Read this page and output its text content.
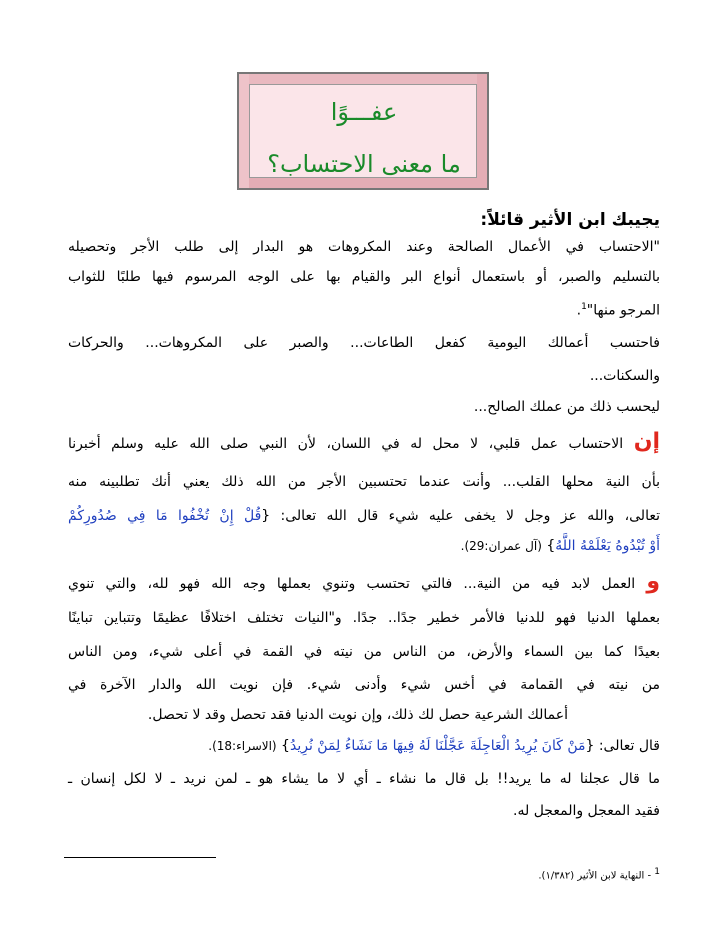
عفـــوًا
ما معنى الاحتساب؟
يجيبك ابن الأثير قائلاً:
"الاحتساب في الأعمال الصالحة وعند المكروهات هو البدار إلى طلب الأجر وتحصيله
بالتسليم والصبر، أو باستعمال أنواع البر والقيام بها على الوجه المرسوم فيها طلبًا للثواب
المرجو منها"$^1$.
فاحتسب أعمالك اليومية كفعل الطاعات... والصبر على المكروهات... والحركات
والسكنات...
ليحسب ذلك من عملك الصالح...
إن الاحتساب عمل قلبي، لا محل له في اللسان، لأن النبي صلى الله عليه وسلم أخبرنا
بأن النية محلها القلب... وأنت عندما تحتسبين الأجر من الله ذلك يعني أنك تطلبينه منه
تعالى، والله عز وجل لا يخفى عليه شيء قال الله تعالى: {قُلْ إِنْ تُخْفُوا مَا فِي صُدُورِكُمْ
أَوْ تُبْدُوهُ يَعْلَمْهُ اللَّهُ} (آل عمران:29).
و العمل لابد فيه من النية... فالتي تحتسب وتنوي بعملها وجه الله فهو لله، والتي تنوي
بعملها الدنيا فهو للدنيا فالأمر خطير جدًا.. جدًا. و"النيات تختلف اختلافًا عظيمًا وتتباين تباينًا
بعيدًا كما بين السماء والأرض، من الناس من نيته في القمة في أعلى شيء، ومن الناس
من نيته في القمامة في أخس شيء وأدنى شيء. فإن نويت الله والدار الآخرة في
أعمالك الشرعية حصل لك ذلك، وإن نويت الدنيا فقد تحصل وقد لا تحصل.
قال تعالى: {مَنْ كَانَ يُرِيدُ الْعَاجِلَةَ عَجَّلْنَا لَهُ فِيهَا مَا نَشَاءُ لِمَنْ نُرِيدُ} (الاسراء:18).
ما قال عجلنا له ما يريد!! بل قال ما نشاء ـ أي لا ما يشاء هو ـ لمن نريد ـ لا لكل إنسان ـ
فقيد المعجل والمعجل له.
$^1$ - النهاية لابن الأثير (١/٣٨٢).
